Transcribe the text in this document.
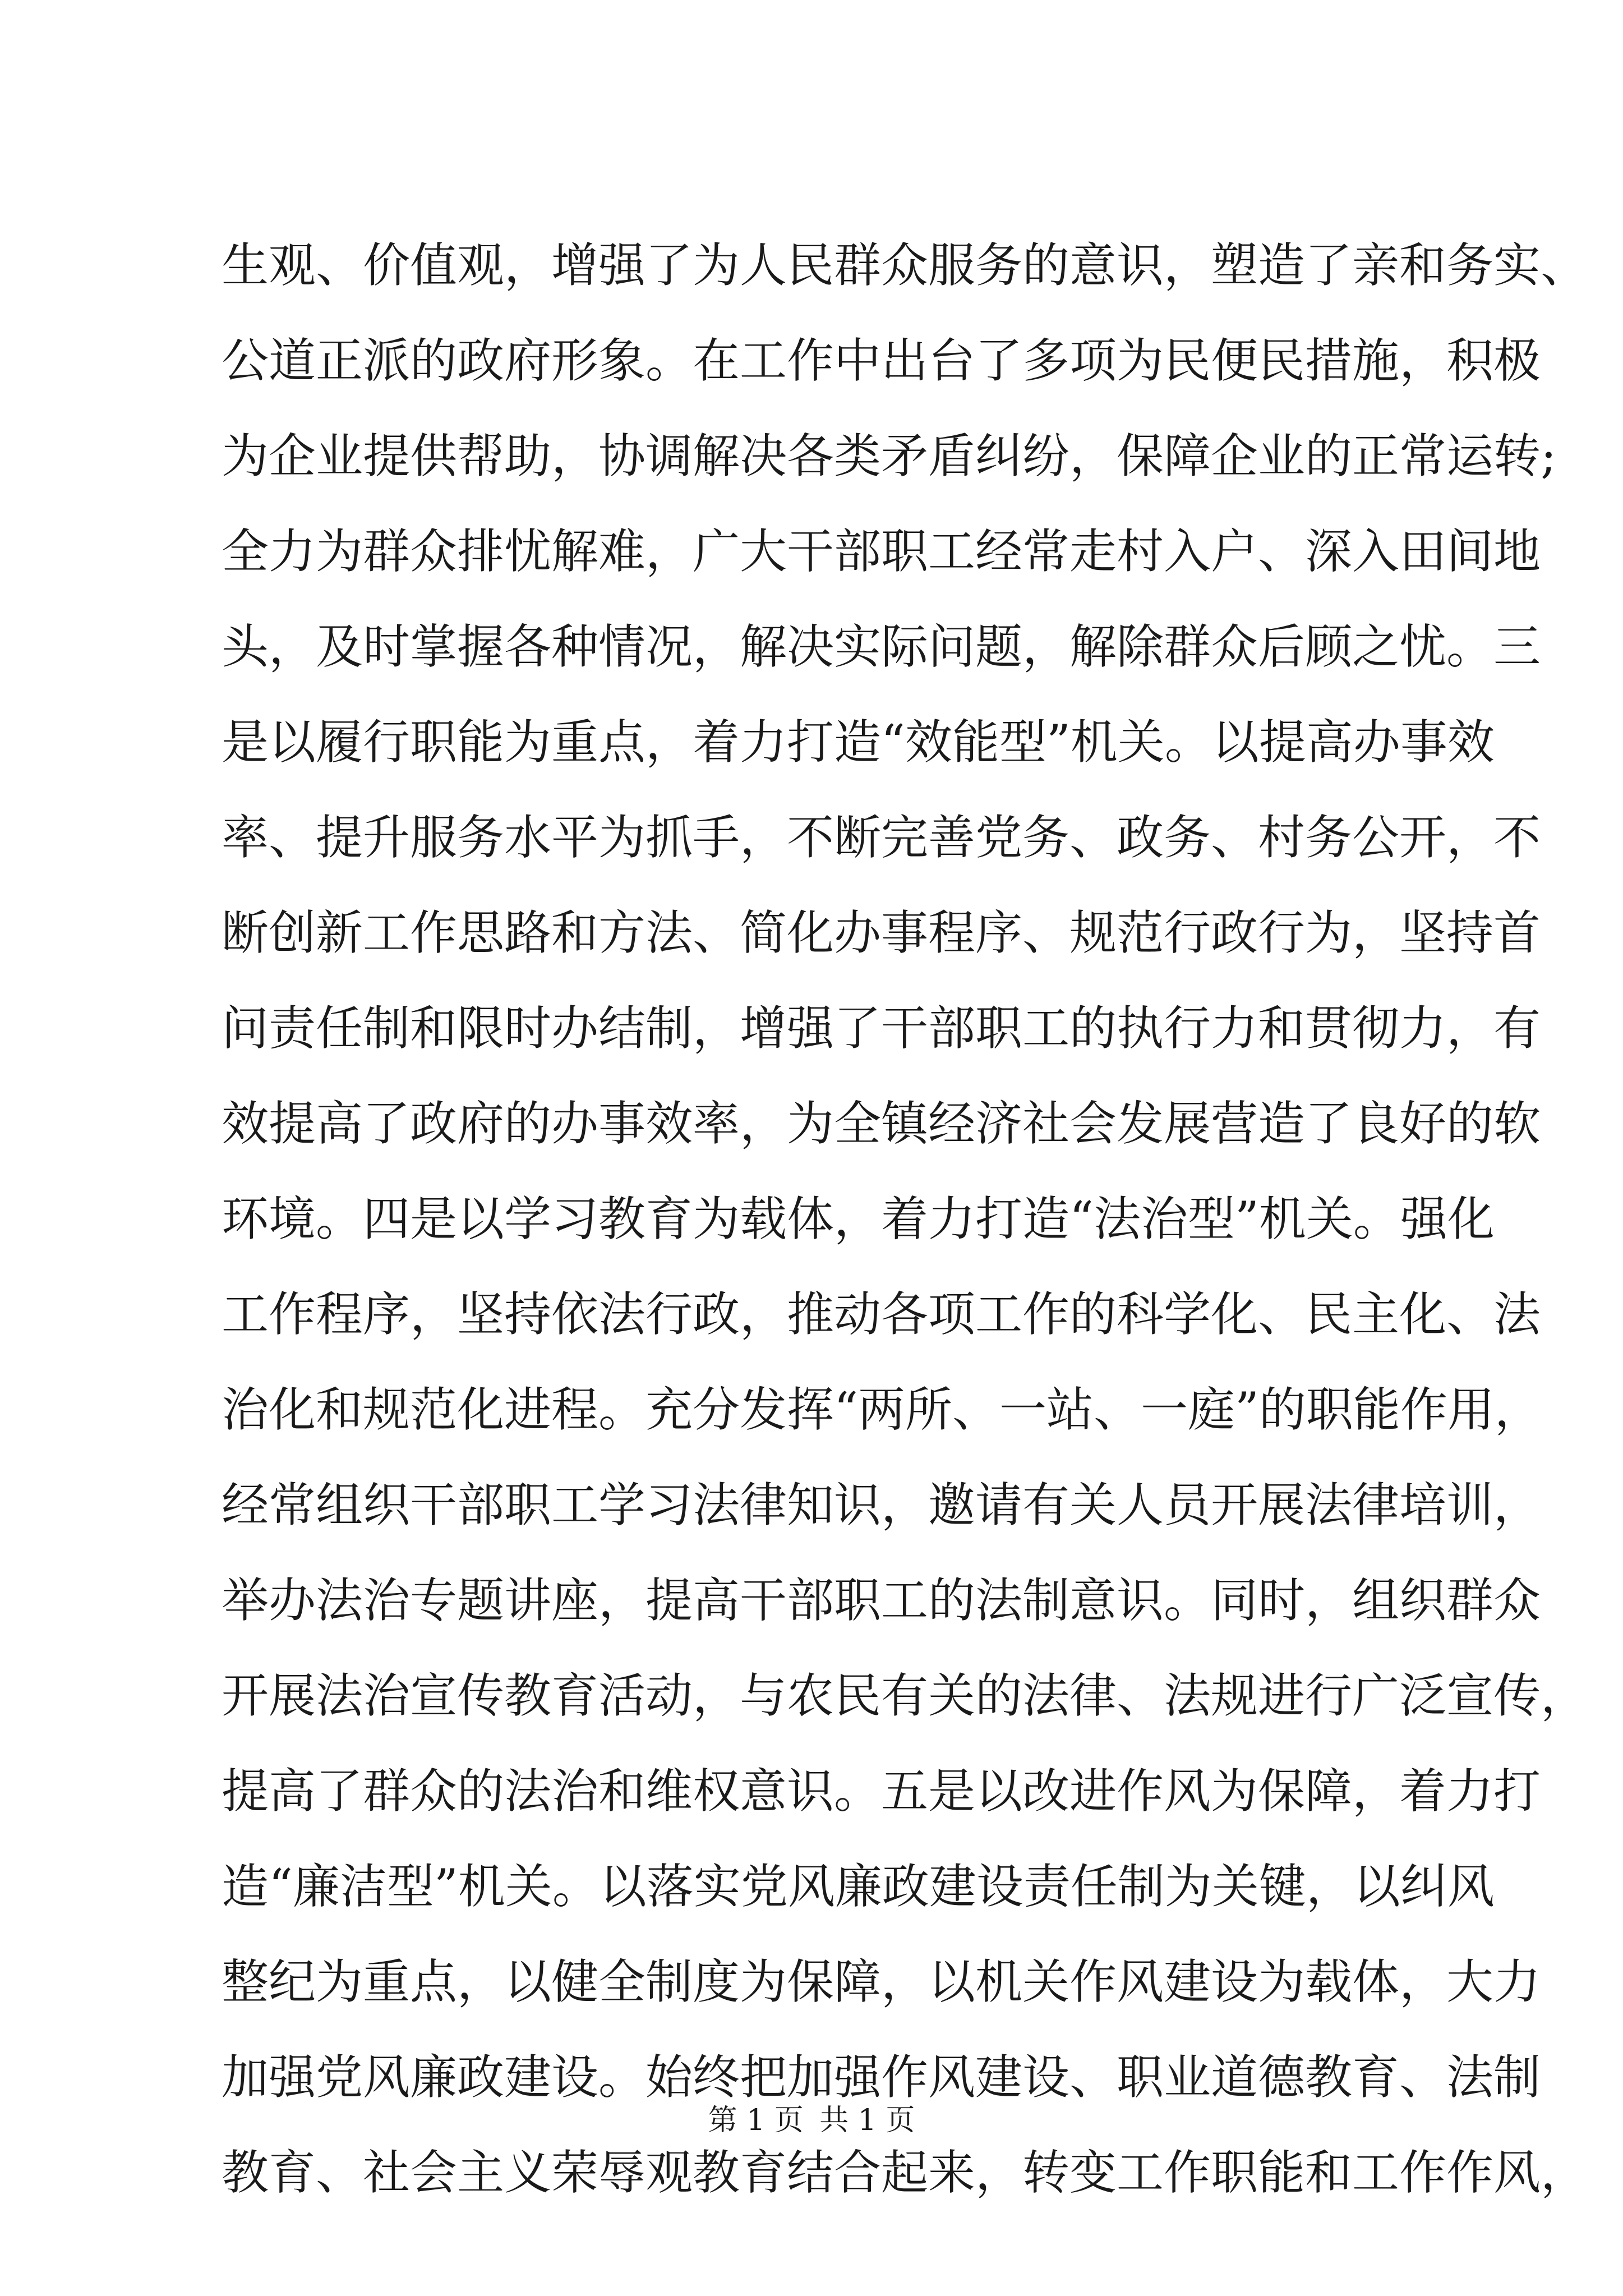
生观、价值观，增强了为人民群众服务的意识，塑造了亲和务实、
公道正派的政府形象。在工作中出台了多项为民便民措施，积极
为企业提供帮助，协调解决各类矛盾纠纷，保障企业的正常运转;
全力为群众排忧解难，广大干部职工经常走村入户、深入田间地
头，及时掌握各种情况，解决实际问题，解除群众后顾之忧。三
是以履行职能为重点，着力打造“效能型”机关。以提高办事效
率、提升服务水平为抓手，不断完善党务、政务、村务公开，不
断创新工作思路和方法、简化办事程序、规范行政行为，坚持首
问责任制和限时办结制，增强了干部职工的执行力和贯彻力，有
效提高了政府的办事效率，为全镇经济社会发展营造了良好的软
环境。四是以学习教育为载体，着力打造“法治型”机关。强化
工作程序，坚持依法行政，推动各项工作的科学化、民主化、法
治化和规范化进程。充分发挥“两所、一站、一庭”的职能作用，
经常组织干部职工学习法律知识，邀请有关人员开展法律培训，
举办法治专题讲座，提高干部职工的法制意识。同时，组织群众
开展法治宣传教育活动，与农民有关的法律、法规进行广泛宣传，
提高了群众的法治和维权意识。五是以改进作风为保障，着力打
造“廉洁型”机关。以落实党风廉政建设责任制为关键，以纠风
整纪为重点，以健全制度为保障，以机关作风建设为载体，大力
加强党风廉政建设。始终把加强作风建设、职业道德教育、法制
教育、社会主义荣辱观教育结合起来，转变工作职能和工作作风，
第 1 页 共 1 页
